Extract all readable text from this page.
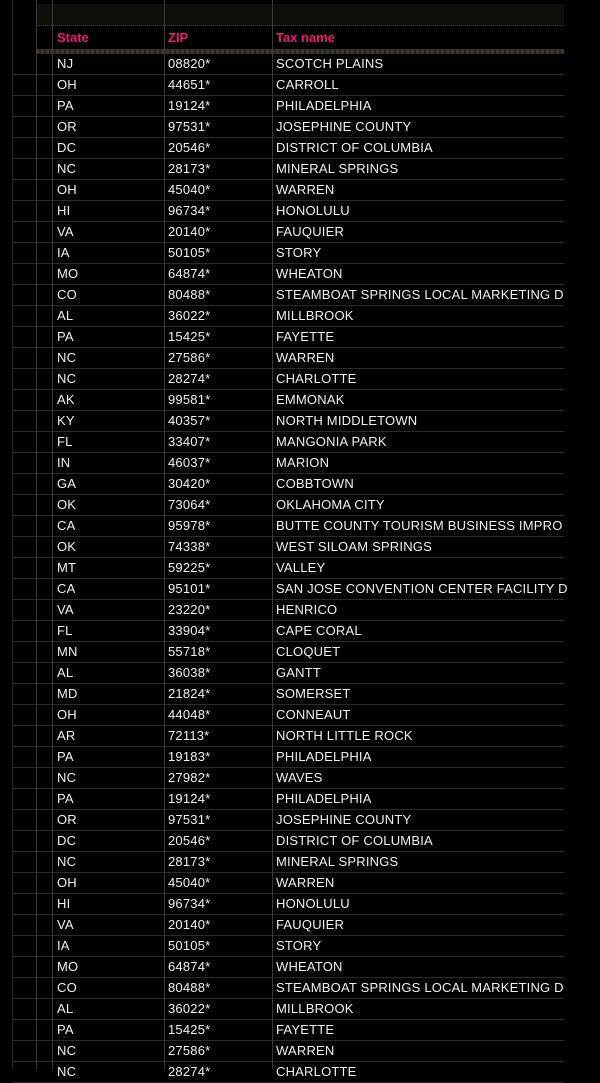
State	ZIP	Tax name
NJ	08820*	SCOTCH PLAINS
OH	44651*	CARROLL
PA	19124*	PHILADELPHIA
OR	97531*	JOSEPHINE COUNTY
DC	20546*	DISTRICT OF COLUMBIA
NC	28173*	MINERAL SPRINGS
OH	45040*	WARREN
HI	96734*	HONOLULU
VA	20140*	FAUQUIER
IA	50105*	STORY
MO	64874*	WHEATON
CO	80488*	STEAMBOAT SPRINGS LOCAL MARKETING D
AL	36022*	MILLBROOK
PA	15425*	FAYETTE
NC	27586*	WARREN
NC	28274*	CHARLOTTE
AK	99581*	EMMONAK
KY	40357*	NORTH MIDDLETOWN
FL	33407*	MANGONIA PARK
IN	46037*	MARION
GA	30420*	COBBTOWN
OK	73064*	OKLAHOMA CITY
CA	95978*	BUTTE COUNTY TOURISM BUSINESS IMPRO
OK	74338*	WEST SILOAM SPRINGS
MT	59225*	VALLEY
CA	95101*	SAN JOSE CONVENTION CENTER FACILITY D
VA	23220*	HENRICO
FL	33904*	CAPE CORAL
MN	55718*	CLOQUET
AL	36038*	GANTT
MD	21824*	SOMERSET
OH	44048*	CONNEAUT
AR	72113*	NORTH LITTLE ROCK
PA	19183*	PHILADELPHIA
NC	27982*	WAVES
PA	19124*	PHILADELPHIA
OR	97531*	JOSEPHINE COUNTY
DC	20546*	DISTRICT OF COLUMBIA
NC	28173*	MINERAL SPRINGS
OH	45040*	WARREN
HI	96734*	HONOLULU
VA	20140*	FAUQUIER
IA	50105*	STORY
MO	64874*	WHEATON
CO	80488*	STEAMBOAT SPRINGS LOCAL MARKETING D
AL	36022*	MILLBROOK
PA	15425*	FAYETTE
NC	27586*	WARREN
NC	28274*	CHARLOTTE
